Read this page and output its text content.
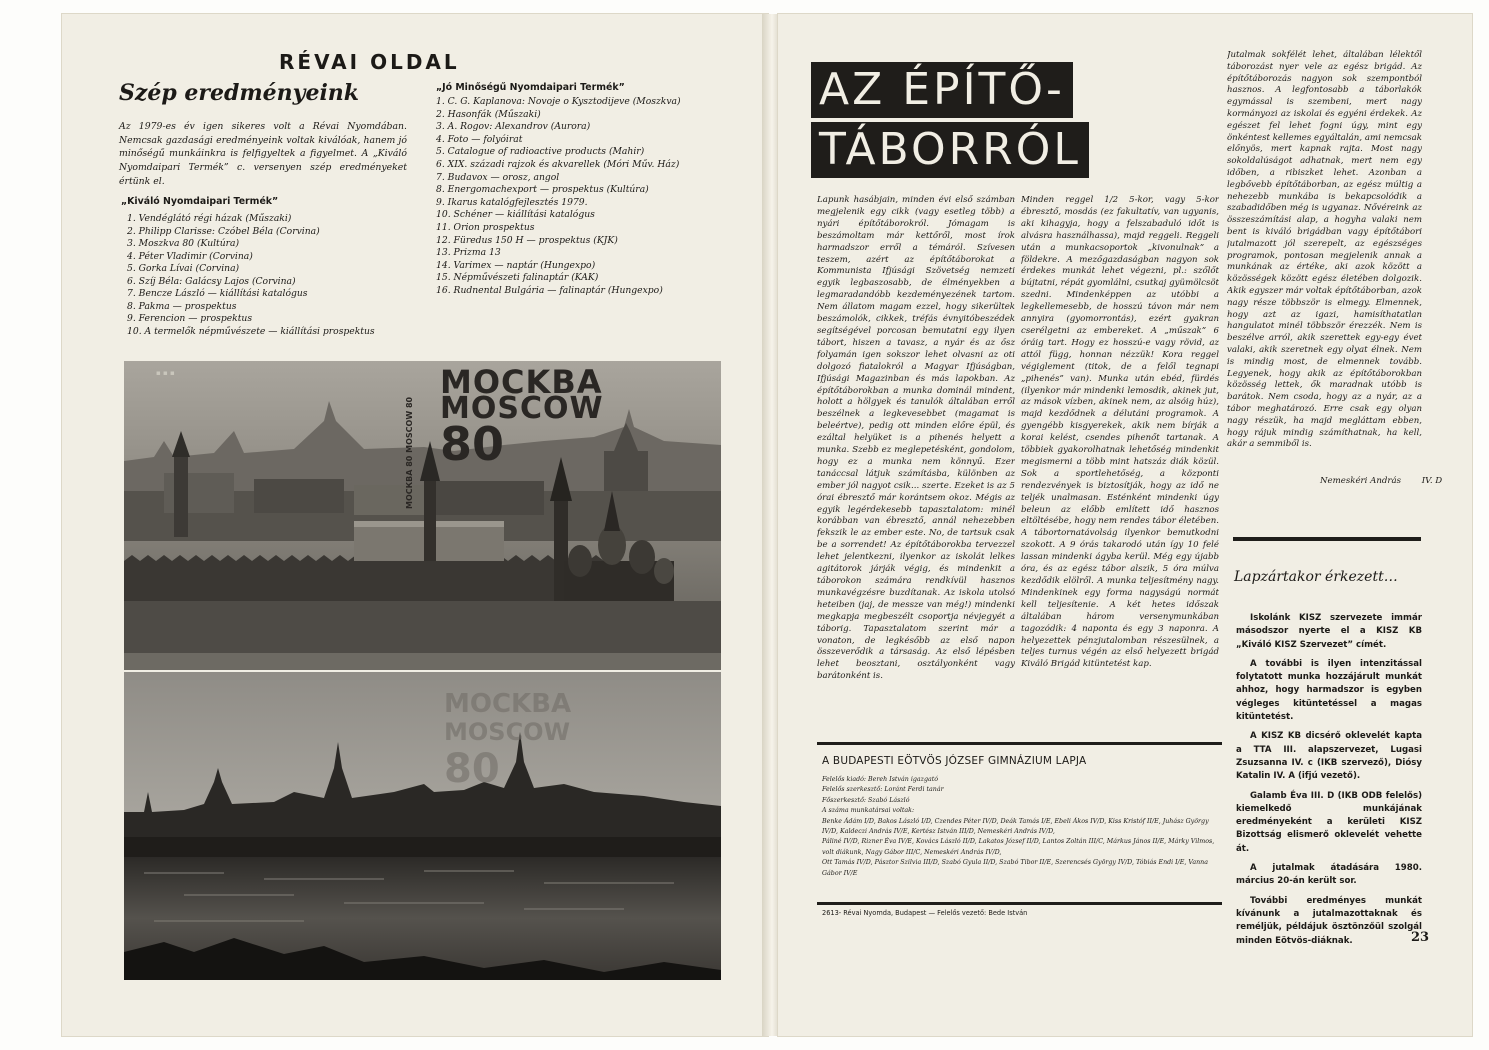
RÉVAI OLDAL
Szép eredményeink
Az 1979-es év igen sikeres volt a Révai Nyomdában. Nemcsak gazdasági eredményeink voltak kiválóak, hanem jó minőségű munkáinkra is felfigyeltek a figyelmet. A „Kiváló Nyomdaipari Termék” c. versenyen szép eredményeket értünk el.
„Kiváló Nyomdaipari Termék”
1. Vendéglátó régi házak (Műszaki)
2. Philipp Clarisse: Czóbel Béla (Corvina)
3. Moszkva 80 (Kultúra)
4. Péter Vladimir (Corvina)
5. Gorka Lívai (Corvina)
6. Szíj Béla: Galácsy Lajos (Corvina)
7. Bencze László — kiállítási katalógus
8. Pakma — prospektus
9. Ferencion — prospektus
10. A termelők népművészete — kiállítási prospektus
„Jó Minőségű Nyomdaipari Termék”
1. C. G. Kaplanova: Novoje o Kysztodijeve (Moszkva)
2. Hasonfák (Műszaki)
3. A. Rogov: Alexandrov (Aurora)
4. Foto — folyóirat
5. Catalogue of radioactive products (Mahir)
6. XIX. századi rajzok és akvarellek (Móri Műv. Ház)
7. Budavox — orosz, angol
8. Energomachexport — prospektus (Kultúra)
9. Ikarus katalógfejlesztés 1979.
10. Schéner — kiállítási katalógus
11. Orion prospektus
12. Füredus 150 H — prospektus (KJK)
13. Prizma 13
14. Varimex — naptár (Hungexpo)
15. Népművészeti falinaptár (KAK)
16. Rudnental Bulgária — falinaptár (Hungexpo)
▪ ▪ ▪	MOCKBA
MOSCOW
80
МОСКВА 80 MOSCOW 80
MOCKBA
MOSCOW
80
AZ ÉPÍTŐ-
TÁBORRÓL
Lapunk hasábjain, minden évi első számban megjelenik egy cikk (vagy esetleg több) a nyári építőtáborokról. Jómagam is beszámoltam már kettőről, most írok harmadszor erről a témáról. Szívesen teszem, azért az építőtáborokat a Kommunista Ifjúsági Szövetség nemzeti egyik legbaszosabb, de élményekben a legmaradandóbb kezdeményezének tartom. Nem állatom magam ezzel, hogy sikerültek beszámolók, cikkek, tréfás évnyitóbeszédek segítségével porcosan bemutatni egy ilyen tábort, hiszen a tavasz, a nyár és az ősz folyamán igen sokszor lehet olvasni az oti dolgozó fiatalokról a Magyar Ifjúságban, Ifjúsági Magazinban és más lapokban. Az építőtáborokban a munka dominál mindent, holott a hölgyek és tanulók általában erről beszélnek a legkevesebbet (magamat is beleértve), pedig ott minden előre épül, és ezáltal helyüket is a pihenés helyett a munka. Szebb ez meglepetésként, gondolom, hogy ez a munka nem könnyű. Ezer tanáccsal látjuk számításba, különben az ember jól nagyot csik... szerte. Ezeket is az 5 órai ébresztő már korántsem okoz. Mégis az egyik legérdekesebb tapasztalatom: minél korábban van ébresztő, annál nehezebben fekszik le az ember este. No, de tartsuk csak be a sorrendet! Az építőtáborokba tervezzel lehet jelentkezni, ilyenkor az iskolát lelkes agitátorok járják végig, és mindenkit a táborokon számára rendkívül hasznos munkavégzésre buzdítanak. Az iskola utolsó heteiben (jaj, de messze van még!) mindenki megkapja megbeszélt csoportja névjegyét a táborig. Tapasztalatom szerint már a vonaton, de legkésőbb az első napon összeverődik a társaság. Az első lépésben lehet beosztani, osztályonként vagy barátonként is.
Minden reggel 1/2 5-kor, vagy 5-kor ébresztő, mosdás (ez fakultatív, van ugyanis, aki kihagyja, hogy a felszabaduló időt is alvásra használhassa), majd reggeli. Reggeli után a munkacsoportok „kivonulnak” a földekre. A mezőgazdaságban nagyon sok érdekes munkát lehet végezni, pl.: szőlőt bújtatni, répát gyomlálni, csutkaj gyümölcsöt szedni. Mindenképpen az utóbbi a legkellemesebb, de hosszú távon már nem annyira (gyomorrontás), ezért gyakran cserélgetni az embereket. A „műszak” 6 óráig tart. Hogy ez hosszú-e vagy rövid, az attól függ, honnan nézzük! Kora reggel végiglement (titok, de a felől tegnapi „pihenés” van). Munka után ebéd, fürdés (ilyenkor már mindenki lemosdik, akinek jut, az mások vízben, akinek nem, az alsóig húz), majd kezdődnek a délutáni programok. A gyengébb kisgyerekek, akik nem bírják a korai kelést, csendes pihenőt tartanak. A többiek gyakorolhatnak lehetőség mindenkit megismerni a több mint hatszáz diák közül. Sok a sportlehetőség, a központi rendezvények is biztosítják, hogy az idő ne teljék unalmasan. Esténként mindenki úgy beleun az előbb említett idő hasznos eltöltésébe, hogy nem rendes tábor életében. A tábortornatávolság ilyenkor bemutkodni szokott. A 9 órás takarodó után így 10 felé lassan mindenki ágyba kerül. Még egy újabb óra, és az egész tábor alszik, 5 óra múlva kezdődik elölről. A munka teljesítmény nagy. Mindenkinek egy forma nagyságú normát kell teljesítenie. A két hetes időszak általában három versenymunkában tagozódik: 4 naponta és egy 3 naponra. A helyezettek pénzjutalomban részesülnek, a teljes turnus végén az első helyezett brigád Kiváló Brigád kitüntetést kap.
Jutalmak sokfélét lehet, általában lélektől táborozást nyer vele az egész brigád. Az építőtáborozás nagyon sok szempontból hasznos. A legfontosabb a táborlakók egymással is szembeni, mert nagy kormányozi az iskolai és egyéni érdekek. Az egészet fel lehet fogni úgy, mint egy önkéntest kellemes egyáltalán, ami nemcsak előnyös, mert kapnak rajta. Most nagy sokoldalúságot adhatnak, mert nem egy időben, a ribiszket lehet. Azonban a legbővebb építőtáborban, az egész múltig a nehezebb munkába is bekapcsolódik a szabadidőben még is ugyanaz. Nővéreink az összeszámítási alap, a hogyha valaki nem bent is kiváló brigádban vagy építőtábori jutalmazott jól szerepelt, az egészséges programok, pontosan megjelenik annak a munkának az értéke, aki azok között a közösségek között egész életében dolgozik. Akik egyszer már voltak építőtáborban, azok nagy része többször is elmegy. Elmennek, hogy azt az igazi, hamisíthatatlan hangulatot minél többször érezzék. Nem is beszélve arról, akik szerettek egy-egy évet valaki, akik szeretnek egy olyat élnek. Nem is mindig most, de elmennek tovább. Legyenek, hogy akik az építőtáborokban közösség lettek, ők maradnak utóbb is barátok. Nem csoda, hogy az a nyár, az a tábor meghatározó. Erre csak egy olyan nagy részük, ha majd megláttam ebben, hogy rájuk mindig számíthatnak, ha kell, akár a semmiből is.
Nemeskéri András IV. D
Lapzártakor érkezett…

Iskolánk KISZ szervezete immár másodszor nyerte el a KISZ KB „Kiváló KISZ Szervezet” címét.

A további is ilyen intenzitással folytatott munka hozzájárult munkát ahhoz, hogy harmadszor is egyben végleges kitüntetéssel a magas kitüntetést.

A KISZ KB dicsérő oklevelét kapta a TTA III. alapszervezet, Lugasi Zsuzsanna IV. c (IKB szervező), Diósy Katalin IV. A (ifjú vezető).

Galamb Éva III. D (IKB ODB felelős) kiemelkedő munkájának eredményeként a kerületi KISZ Bizottság elismerő oklevelét vehette át.

A jutalmak átadására 1980. március 20-án került sor.

További eredményes munkát kívánunk a jutalmazottaknak és reméljük, példájuk ösztönzőül szolgál minden Eötvös-diáknak.

A BUDAPESTI EÖTVÖS JÓZSEF GIMNÁZIUM LAPJA
Felelős kiadó: Bereh István igazgató
Felelős szerkesztő: Loránt Ferdi tanár
Főszerkesztő: Szabó László
A száma munkatársai voltak:
Benke Ádám I/D, Bakos László I/D, Czendes Péter IV/D, Deák Tamás I/E, Ebeli Ákos IV/D, Kiss Kristóf II/E, Juhász György IV/D, Kaldeczi András IV/E, Kertész István III/D, Nemeskéri András IV/D,
Páliné IV/D, Rizner Éva IV/E, Kovács László II/D, Lakatos József II/D, Lantos Zoltán III/C, Márkus János II/E, Márky Vilmos, volt diákunk, Nagy Gábor III/C, Nemeskéri András IV/D,
Ott Tamás IV/D, Pásztor Szilvia III/D, Szabó Gyula II/D, Szabó Tibor II/E, Szerencsés György IV/D, Tóbiás Endi I/E, Vanna Gábor IV/E
2613- Révai Nyomda, Budapest — Felelős vezető: Bede István
23
